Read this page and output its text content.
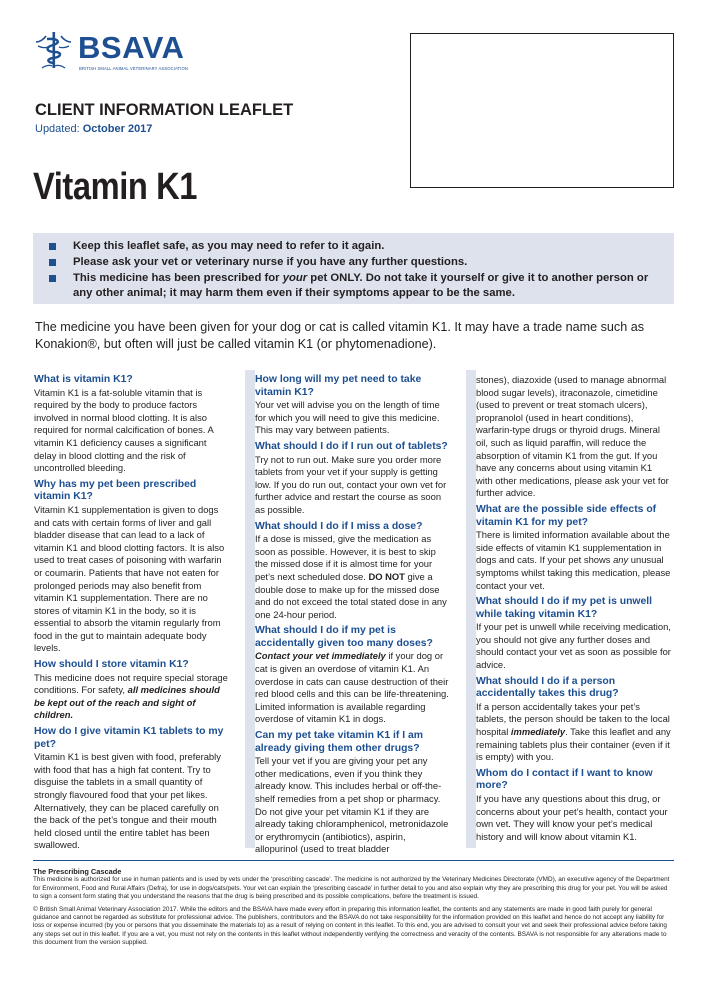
BSAVA
BRITISH SMALL ANIMAL VETERINARY ASSOCIATION
CLIENT INFORMATION LEAFLET
Updated: October 2017
Vitamin K1
Keep this leaflet safe, as you may need to refer to it again.
Please ask your vet or veterinary nurse if you have any further questions.
This medicine has been prescribed for your pet ONLY. Do not take it yourself or give it to another person or any other animal; it may harm them even if their symptoms appear to be the same.
The medicine you have been given for your dog or cat is called vitamin K1. It may have a trade name such as Konakion®, but often will just be called vitamin K1 (or phytomenadione).
What is vitamin K1?
Vitamin K1 is a fat-soluble vitamin that is required by the body to produce factors involved in normal blood clotting. It is also required for normal calcification of bones. A vitamin K1 deficiency causes a significant delay in blood clotting and the risk of uncontrolled bleeding.
Why has my pet been prescribed vitamin K1?
Vitamin K1 supplementation is given to dogs and cats with certain forms of liver and gall bladder disease that can lead to a lack of vitamin K1 and blood clotting factors. It is also used to treat cases of poisoning with warfarin or coumarin. Patients that have not eaten for prolonged periods may also benefit from vitamin K1 supplementation. There are no stores of vitamin K1 in the body, so it is essential to absorb the vitamin regularly from food in the gut to maintain adequate body levels.
How should I store vitamin K1?
This medicine does not require special storage conditions. For safety, all medicines should be kept out of the reach and sight of children.
How do I give vitamin K1 tablets to my pet?
Vitamin K1 is best given with food, preferably with food that has a high fat content. Try to disguise the tablets in a small quantity of strongly flavoured food that your pet likes. Alternatively, they can be placed carefully on the back of the pet’s tongue and their mouth held closed until the entire tablet has been swallowed.
How long will my pet need to take vitamin K1?
Your vet will advise you on the length of time for which you will need to give this medicine. This may vary between patients.
What should I do if I run out of tablets?
Try not to run out. Make sure you order more tablets from your vet if your supply is getting low. If you do run out, contact your own vet for further advice and restart the course as soon as possible.
What should I do if I miss a dose?
If a dose is missed, give the medication as soon as possible. However, it is best to skip the missed dose if it is almost time for your pet’s next scheduled dose. DO NOT give a double dose to make up for the missed dose and do not exceed the total stated dose in any one 24-hour period.
What should I do if my pet is accidentally given too many doses?
Contact your vet immediately if your dog or cat is given an overdose of vitamin K1. An overdose in cats can cause destruction of their red blood cells and this can be life-threatening. Limited information is available regarding overdose of vitamin K1 in dogs.
Can my pet take vitamin K1 if I am already giving them other drugs?
Tell your vet if you are giving your pet any other medications, even if you think they already know. This includes herbal or off-the-shelf remedies from a pet shop or pharmacy. Do not give your pet vitamin K1 if they are already taking chloramphenicol, metronidazole or erythromycin (antibiotics), aspirin, allopurinol (used to treat bladder
stones), diazoxide (used to manage abnormal blood sugar levels), itraconazole, cimetidine (used to prevent or treat stomach ulcers), propranolol (used in heart conditions), warfarin-type drugs or thyroid drugs. Mineral oil, such as liquid paraffin, will reduce the absorption of vitamin K1 from the gut. If you have any concerns about using vitamin K1 with other medications, please ask your vet for further advice.
What are the possible side effects of vitamin K1 for my pet?
There is limited information available about the side effects of vitamin K1 supplementation in dogs and cats. If your pet shows any unusual symptoms whilst taking this medication, please contact your vet.
What should I do if my pet is unwell while taking vitamin K1?
If your pet is unwell while receiving medication, you should not give any further doses and should contact your vet as soon as possible for advice.
What should I do if a person accidentally takes this drug?
If a person accidentally takes your pet’s tablets, the person should be taken to the local hospital immediately. Take this leaflet and any remaining tablets plus their container (even if it is empty) with you.
Whom do I contact if I want to know more?
If you have any questions about this drug, or concerns about your pet’s health, contact your own vet. They will know your pet’s medical history and will know about vitamin K1.
The Prescribing Cascade
This medicine is authorized for use in human patients and is used by vets under the ‘prescribing cascade’. The medicine is not authorized by the Veterinary Medicines Directorate (VMD), an executive agency of the Department for Environment, Food and Rural Affairs (Defra), for use in dogs/cats/pets. Your vet can explain the ‘prescribing cascade’ in further detail to you and also explain why they are prescribing this drug for your pet. You will be asked to sign a consent form stating that you understand the reasons that the drug is being prescribed and its possible complications, before the treatment is issued.
© British Small Animal Veterinary Association 2017. While the editors and the BSAVA have made every effort in preparing this information leaflet, the contents and any statements are made in good faith purely for general guidance and cannot be regarded as substitute for professional advice. The publishers, contributors and the BSAVA do not take responsibility for the information provided on this leaflet and hence do not accept any liability for loss or expense incurred (by you or persons that you disseminate the materials to) as a result of relying on content in this leaflet. To this end, you are advised to consult your vet and seek their professional advice before taking any steps set out in this leaflet. If you are a vet, you must not rely on the contents in this leaflet without independently verifying the correctness and veracity of the contents. BSAVA is not responsible for any alterations made to this document from the version supplied.
